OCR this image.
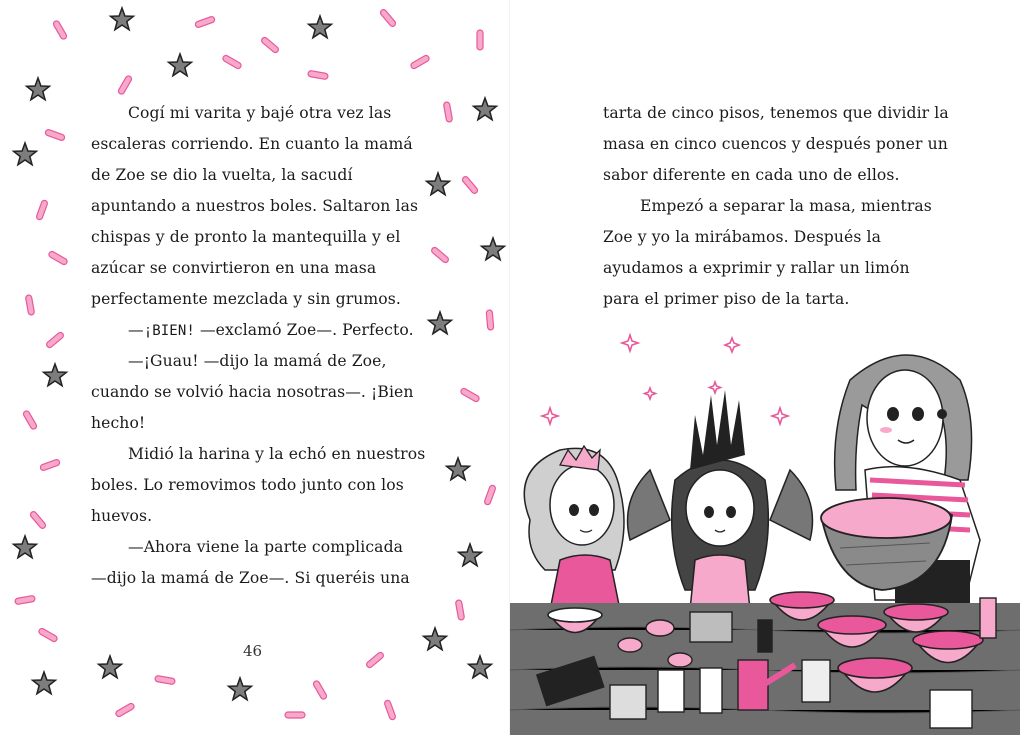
Cogí mi varita y bajé otra vez las
escaleras corriendo. En cuanto la mamá
de Zoe se dio la vuelta, la sacudí
apuntando a nuestros boles. Saltaron las
chispas y de pronto la mantequilla y el
azúcar se convirtieron en una masa
perfectamente mezclada y sin grumos.
—¡BIEN! —exclamó Zoe—. Perfecto.
—¡Guau! —dijo la mamá de Zoe,
cuando se volvió hacia nosotras—. ¡Bien
hecho!
Midió la harina y la echó en nuestros
boles. Lo removimos todo junto con los
huevos.
—Ahora viene la parte complicada
—dijo la mamá de Zoe—. Si queréis una
46
tarta de cinco pisos, tenemos que dividir la
masa en cinco cuencos y después poner un
sabor diferente en cada uno de ellos.
Empezó a separar la masa, mientras
Zoe y yo la mirábamos. Después la
ayudamos a exprimir y rallar un limón
para el primer piso de la tarta.
